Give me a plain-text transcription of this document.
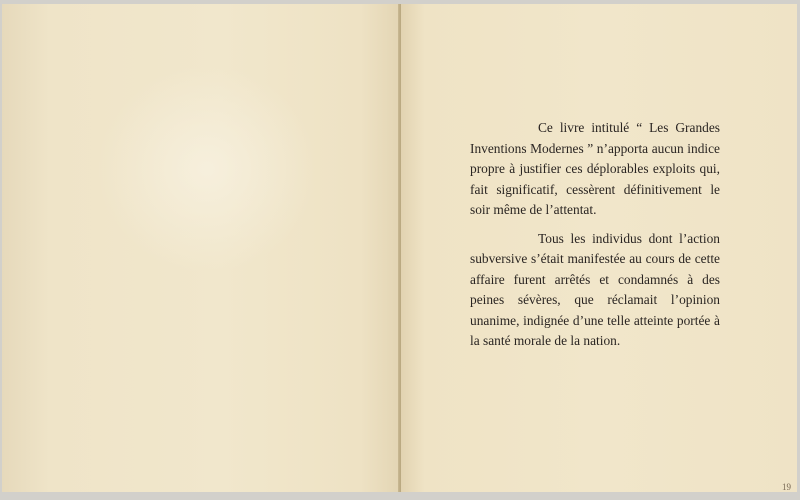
Ce livre intitulé “ Les Grandes Inventions Modernes ” n’apporta aucun indice propre à justifier ces déplorables exploits qui, fait significatif, cessèrent définitivement le soir même de l’attentat.

Tous les individus dont l’action subversive s’était manifestée au cours de cette affaire furent arrêtés et condamnés à des peines sévères, que réclamait l’opinion unanime, indignée d’une telle atteinte portée à la santé morale de la nation.

19
